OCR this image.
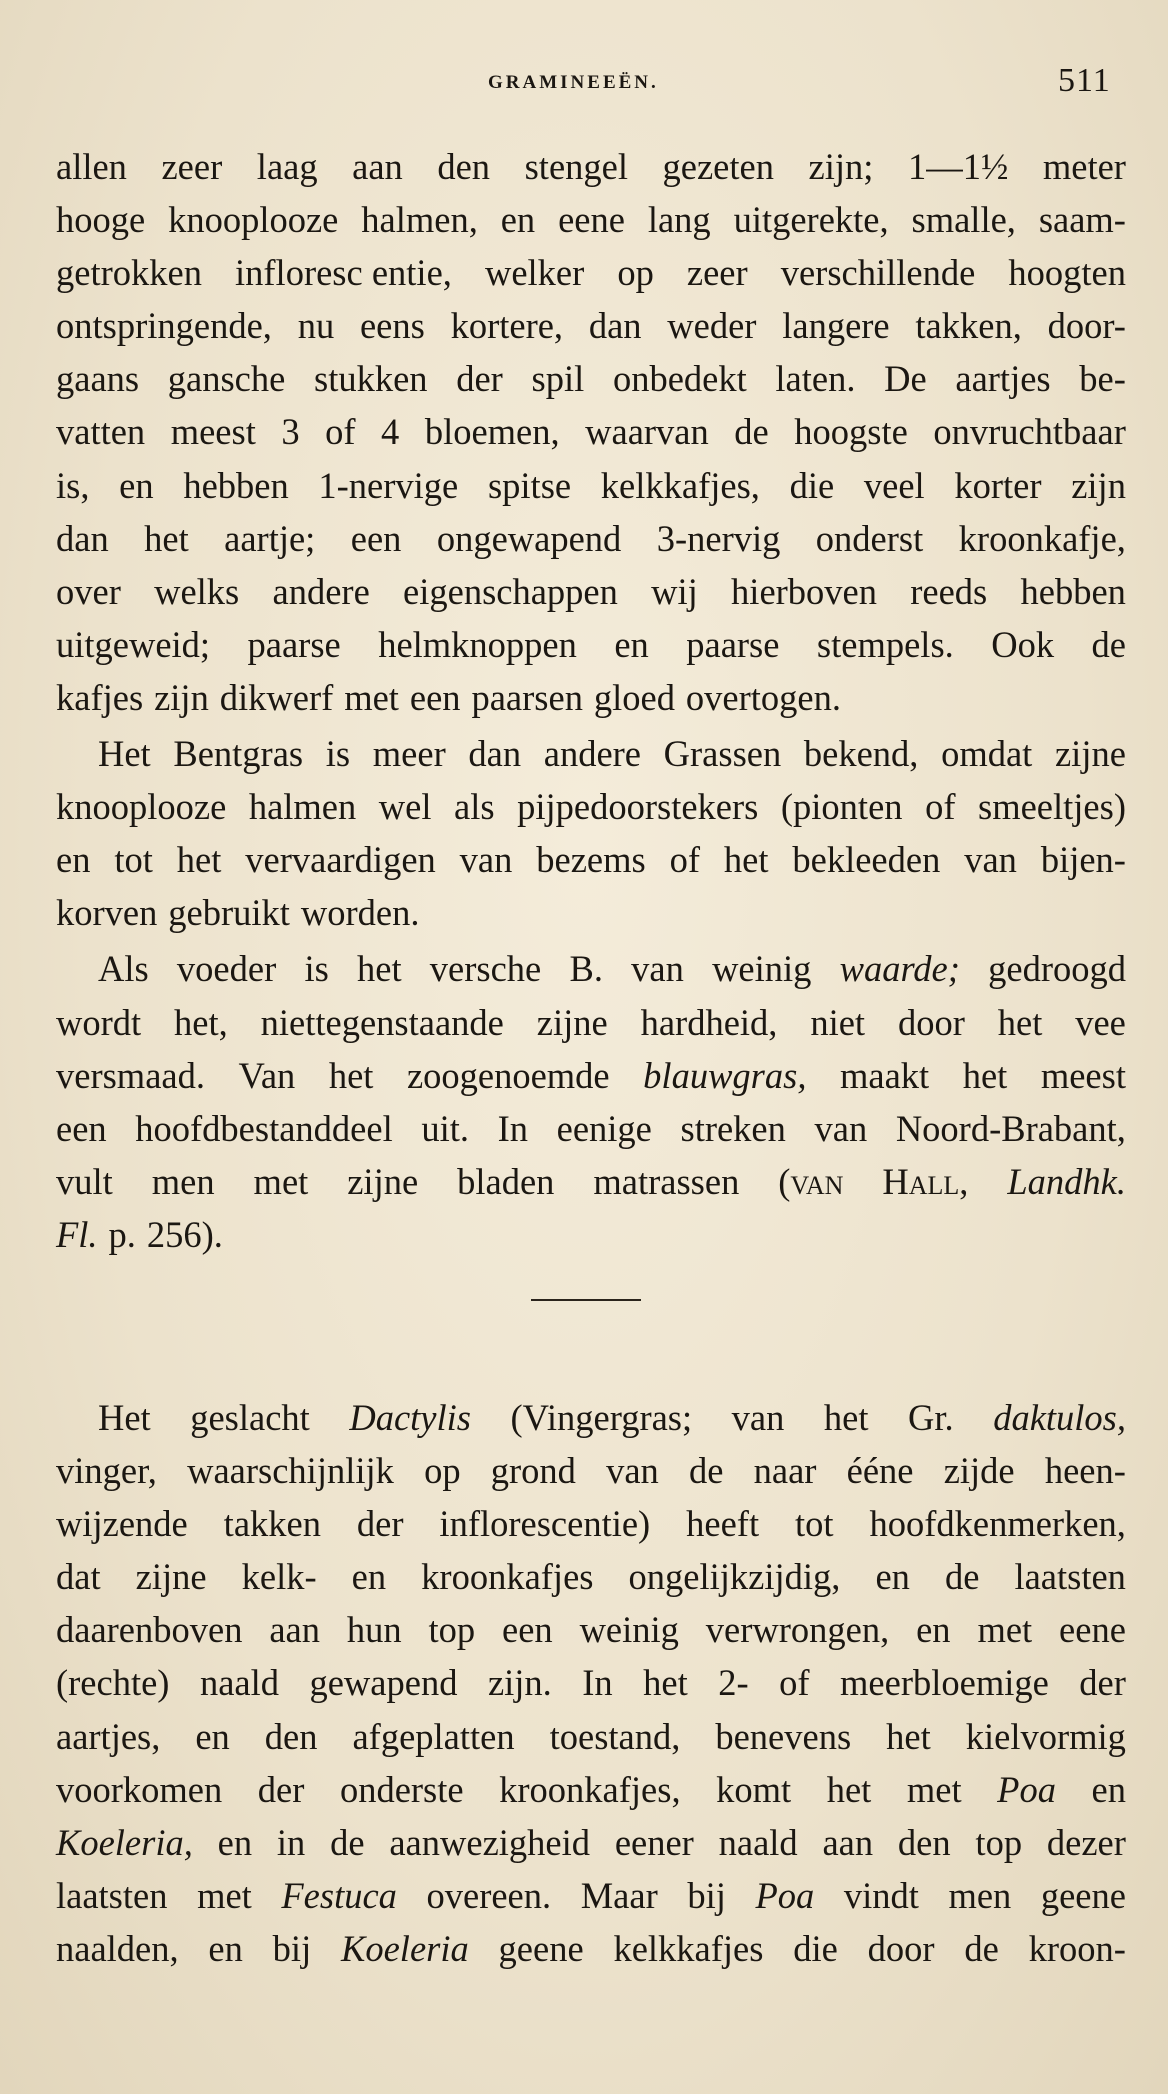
GRAMINEEËN.	511
allen zeer laag aan den stengel gezeten zijn; 1—1½ meter
hooge knooplooze halmen, en eene lang uitgerekte, smalle, saam-
getrokken infloresc entie, welker op zeer verschillende hoogten
ontspringende, nu eens kortere, dan weder langere takken, door-
gaans gansche stukken der spil onbedekt laten. De aartjes be-
vatten meest 3 of 4 bloemen, waarvan de hoogste onvruchtbaar
is, en hebben 1-nervige spitse kelkkafjes, die veel korter zijn
dan het aartje; een ongewapend 3-nervig onderst kroonkafje,
over welks andere eigenschappen wij hierboven reeds hebben
uitgeweid; paarse helmknoppen en paarse stempels. Ook de
kafjes zijn dikwerf met een paarsen gloed overtogen.
Het Bentgras is meer dan andere Grassen bekend, omdat zijne
knooplooze halmen wel als pijpedoorstekers (pionten of smeeltjes)
en tot het vervaardigen van bezems of het bekleeden van bijen-
korven gebruikt worden.
Als voeder is het versche B. van weinig waarde; gedroogd
wordt het, niettegenstaande zijne hardheid, niet door het vee
versmaad. Van het zoogenoemde blauwgras, maakt het meest
een hoofdbestanddeel uit. In eenige streken van Noord-Brabant,
vult men met zijne bladen matrassen (van Hall, Landhk.
Fl. p. 256).
Het geslacht Dactylis (Vingergras; van het Gr. daktulos,
vinger, waarschijnlijk op grond van de naar ééne zijde heen-
wijzende takken der inflorescentie) heeft tot hoofdkenmerken,
dat zijne kelk- en kroonkafjes ongelijkzijdig, en de laatsten
daarenboven aan hun top een weinig verwrongen, en met eene
(rechte) naald gewapend zijn. In het 2- of meerbloemige der
aartjes, en den afgeplatten toestand, benevens het kielvormig
voorkomen der onderste kroonkafjes, komt het met Poa en
Koeleria, en in de aanwezigheid eener naald aan den top dezer
laatsten met Festuca overeen. Maar bij Poa vindt men geene
naalden, en bij Koeleria geene kelkkafjes die door de kroon-
